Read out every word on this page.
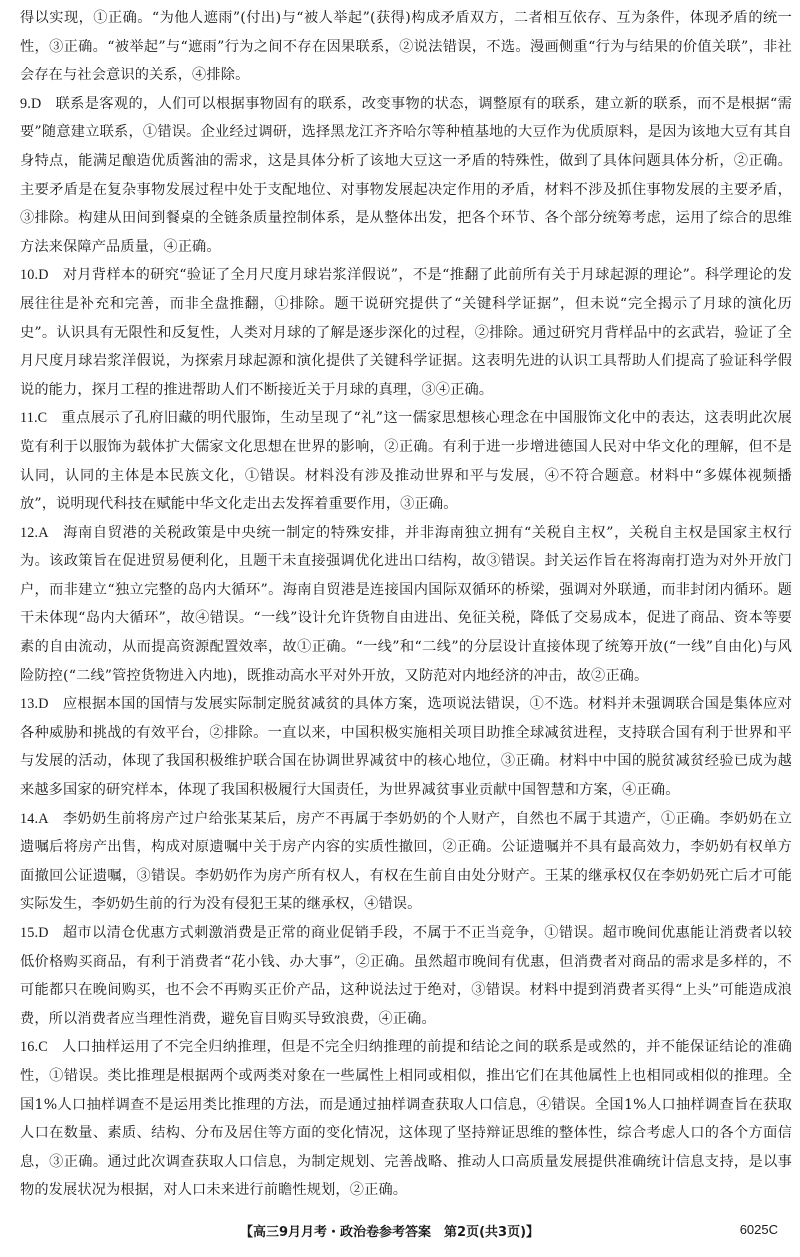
得以实现，①正确。“为他人遮雨”(付出)与“被人举起”(获得)构成矛盾双方，二者相互依存、互为条件，体现矛盾的统一性，③正确。“被举起”与“遮雨”行为之间不存在因果联系，②说法错误，不选。漫画侧重“行为与结果的价值关联”，非社会存在与社会意识的关系，④排除。

9.D 联系是客观的，人们可以根据事物固有的联系，改变事物的状态，调整原有的联系，建立新的联系，而不是根据“需要”随意建立联系，①错误。企业经过调研，选择黑龙江齐齐哈尔等种植基地的大豆作为优质原料，是因为该地大豆有其自身特点，能满足酿造优质酱油的需求，这是具体分析了该地大豆这一矛盾的特殊性，做到了具体问题具体分析，②正确。主要矛盾是在复杂事物发展过程中处于支配地位、对事物发展起决定作用的矛盾，材料不涉及抓住事物发展的主要矛盾，③排除。构建从田间到餐桌的全链条质量控制体系，是从整体出发，把各个环节、各个部分统筹考虑，运用了综合的思维方法来保障产品质量，④正确。

10.D 对月背样本的研究“验证了全月尺度月球岩浆洋假说”，不是“推翻了此前所有关于月球起源的理论”。科学理论的发展往往是补充和完善，而非全盘推翻，①排除。题干说研究提供了“关键科学证据”，但未说“完全揭示了月球的演化历史”。认识具有无限性和反复性，人类对月球的了解是逐步深化的过程，②排除。通过研究月背样品中的玄武岩，验证了全月尺度月球岩浆洋假说，为探索月球起源和演化提供了关键科学证据。这表明先进的认识工具帮助人们提高了验证科学假说的能力，探月工程的推进帮助人们不断接近关于月球的真理，③④正确。

11.C 重点展示了孔府旧藏的明代服饰，生动呈现了“礼”这一儒家思想核心理念在中国服饰文化中的表达，这表明此次展览有利于以服饰为载体扩大儒家文化思想在世界的影响，②正确。有利于进一步增进德国人民对中华文化的理解，但不是认同，认同的主体是本民族文化，①错误。材料没有涉及推动世界和平与发展，④不符合题意。材料中“多媒体视频播放”，说明现代科技在赋能中华文化走出去发挥着重要作用，③正确。

12.A 海南自贸港的关税政策是中央统一制定的特殊安排，并非海南独立拥有“关税自主权”，关税自主权是国家主权行为。该政策旨在促进贸易便利化，且题干未直接强调优化进出口结构，故③错误。封关运作旨在将海南打造为对外开放门户，而非建立“独立完整的岛内大循环”。海南自贸港是连接国内国际双循环的桥梁，强调对外联通，而非封闭内循环。题干未体现“岛内大循环”，故④错误。“一线”设计允许货物自由进出、免征关税，降低了交易成本，促进了商品、资本等要素的自由流动，从而提高资源配置效率，故①正确。“一线”和“二线”的分层设计直接体现了统筹开放(“一线”自由化)与风险防控(“二线”管控货物进入内地)，既推动高水平对外开放，又防范对内地经济的冲击，故②正确。

13.D 应根据本国的国情与发展实际制定脱贫减贫的具体方案，选项说法错误，①不选。材料并未强调联合国是集体应对各种威胁和挑战的有效平台，②排除。一直以来，中国积极实施相关项目助推全球减贫进程，支持联合国有利于世界和平与发展的活动，体现了我国积极维护联合国在协调世界减贫中的核心地位，③正确。材料中中国的脱贫减贫经验已成为越来越多国家的研究样本，体现了我国积极履行大国责任，为世界减贫事业贡献中国智慧和方案，④正确。

14.A 李奶奶生前将房产过户给张某某后，房产不再属于李奶奶的个人财产，自然也不属于其遗产，①正确。李奶奶在立遗嘱后将房产出售，构成对原遗嘱中关于房产内容的实质性撤回，②正确。公证遗嘱并不具有最高效力，李奶奶有权单方面撤回公证遗嘱，③错误。李奶奶作为房产所有权人，有权在生前自由处分财产。王某的继承权仅在李奶奶死亡后才可能实际发生，李奶奶生前的行为没有侵犯王某的继承权，④错误。

15.D 超市以清仓优惠方式刺激消费是正常的商业促销手段，不属于不正当竞争，①错误。超市晚间优惠能让消费者以较低价格购买商品，有利于消费者“花小钱、办大事”，②正确。虽然超市晚间有优惠，但消费者对商品的需求是多样的，不可能都只在晚间购买，也不会不再购买正价产品，这种说法过于绝对，③错误。材料中提到消费者买得“上头”可能造成浪费，所以消费者应当理性消费，避免盲目购买导致浪费，④正确。

16.C 人口抽样运用了不完全归纳推理，但是不完全归纳推理的前提和结论之间的联系是或然的，并不能保证结论的准确性，①错误。类比推理是根据两个或两类对象在一些属性上相同或相似，推出它们在其他属性上也相同或相似的推理。全国1%人口抽样调查不是运用类比推理的方法，而是通过抽样调查获取人口信息，④错误。全国1%人口抽样调查旨在获取人口在数量、素质、结构、分布及居住等方面的变化情况，这体现了坚持辩证思维的整体性，综合考虑人口的各个方面信息，③正确。通过此次调查获取人口信息，为制定规划、完善战略、推动人口高质量发展提供准确统计信息支持，是以事物的发展状况为根据，对人口未来进行前瞻性规划，②正确。

【高三9月月考・政治卷参考答案　第2页(共3页)】	6025C
